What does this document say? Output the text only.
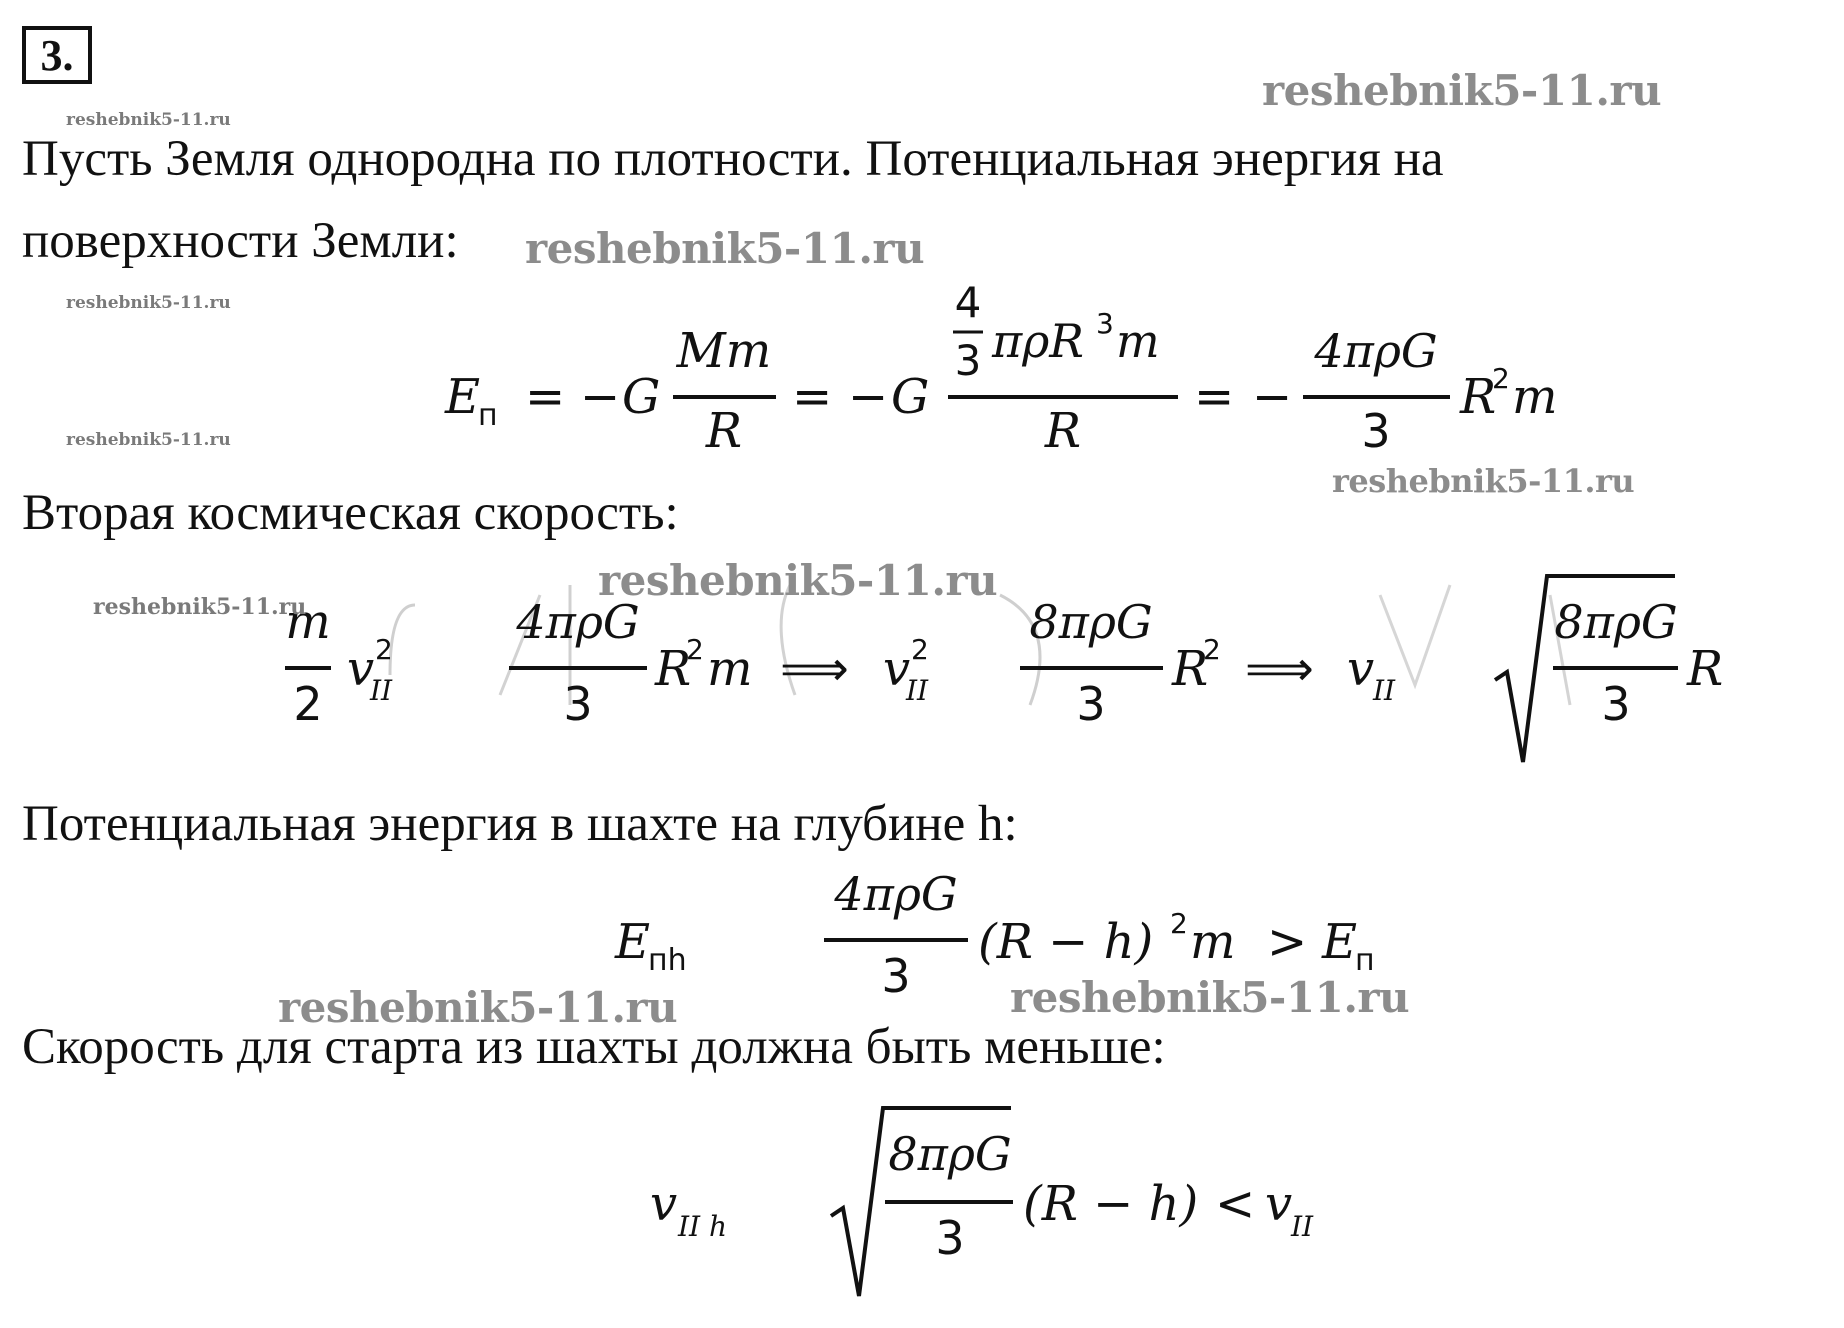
3.
Пусть Земля однородна по плотности. Потенциальная энергия на
поверхности Земли:
Вторая космическая скорость:
Потенциальная энергия в шахте на глубине h:
Скорость для старта из шахты должна быть меньше:
E
п = − G
Mm
R
= − G
4
3 πρR 3 m
R
= −
4πρG
3
R
2 m
m
2
v 2
II
4πρG
3
R
2 m ⟹ v 2
II
8πρG
3
R
2 ⟹ v
II
8πρG
3
R
E
пh
4πρG
3
(R − h) 2 m > E
п
v II h
8πρG
3
(R − h) < v
II
reshebnik5-11.ru
reshebnik5-11.ru
reshebnik5-11.ru
reshebnik5-11.ru
reshebnik5-11.ru	reshebnik5-11.ru
reshebnik5-11.ru
reshebnik5-11.ru
reshebnik5-11.ru
reshebnik5-11.ru
